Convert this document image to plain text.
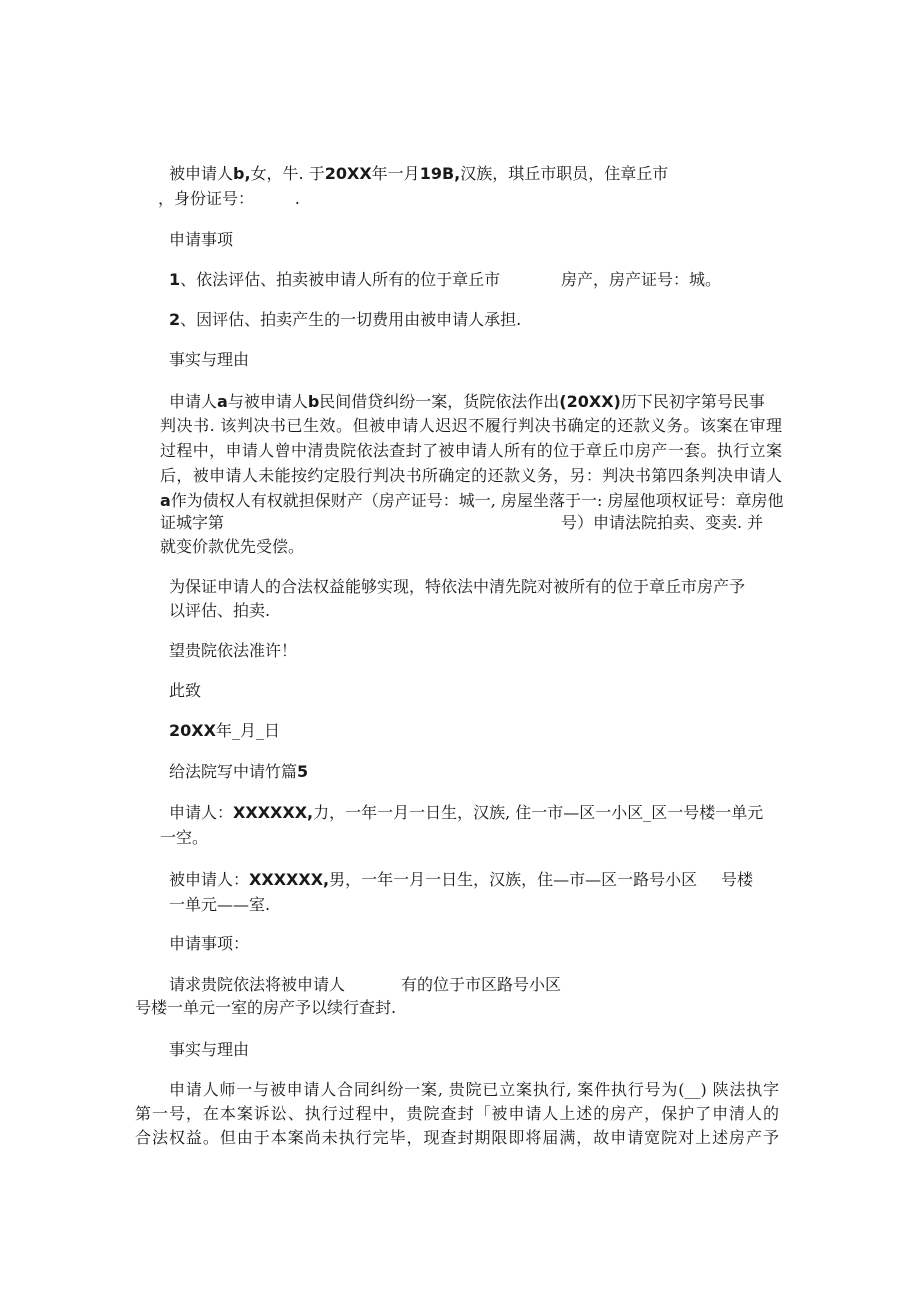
被申请人b,女，牛. 于20XX年一月19B,汉族，琪丘市职员，住章丘市
，身份证号：        .
申请事项
1、依法评估、拍卖被申请人所有的位于章丘市	房产，房产证号：城。
2、因评估、拍卖产生的一切费用由被申请人承担.
事实与理由
申请人a与被申请人b民间借贷纠纷一案，货院依法作出(20XX)历下民初字第号民事
判决书. 该判决书已生效。但被申请人迟迟不履行判决书确定的还款义务。该案在审理
过程中，申请人曾中清贵院依法查封了被申请人所有的位于章丘巾房产一套。执行立案
后，被申请人未能按约定股行判决书所确定的还款义务，另：判决书第四条判决申请人
a作为债权人有权就担保财产（房产证号：城一, 房屋坐落于一: 房屋他项权证号：章房他
证城字第	号）申请法院拍卖、变卖. 并
就变价款优先受偿。
为保证申请人的合法权益能够实现，特依法中清先院对被所有的位于章丘市房产予
以评估、拍卖.
望贵院依法准许！
此致
20XX年_月_日
给法院写中请竹篇5
申请人：XXXXXX,力，一年一月一日生，汉族, 住一市—区一小区_区一号楼一单元
一空。
被申请人：XXXXXX,男，一年一月一日生，汉族，住—市—区一路号小区 号楼
一单元——室.
申请事项：
请求贵院依法将被申请人	有的位于市区路号小区
号楼一单元一室的房产予以续行查封.
事实与理由
申请人师一与被申请人合同纠纷一案, 贵院已立案执行, 案件执行号为(__) 陕法执字
第一号，在本案诉讼、执行过程中，贵院查封「被申请人上述的房产，保护了申清人的
合法权益。但由于本案尚未执行完毕，现查封期限即将届满，故申请宽院对上述房产予
